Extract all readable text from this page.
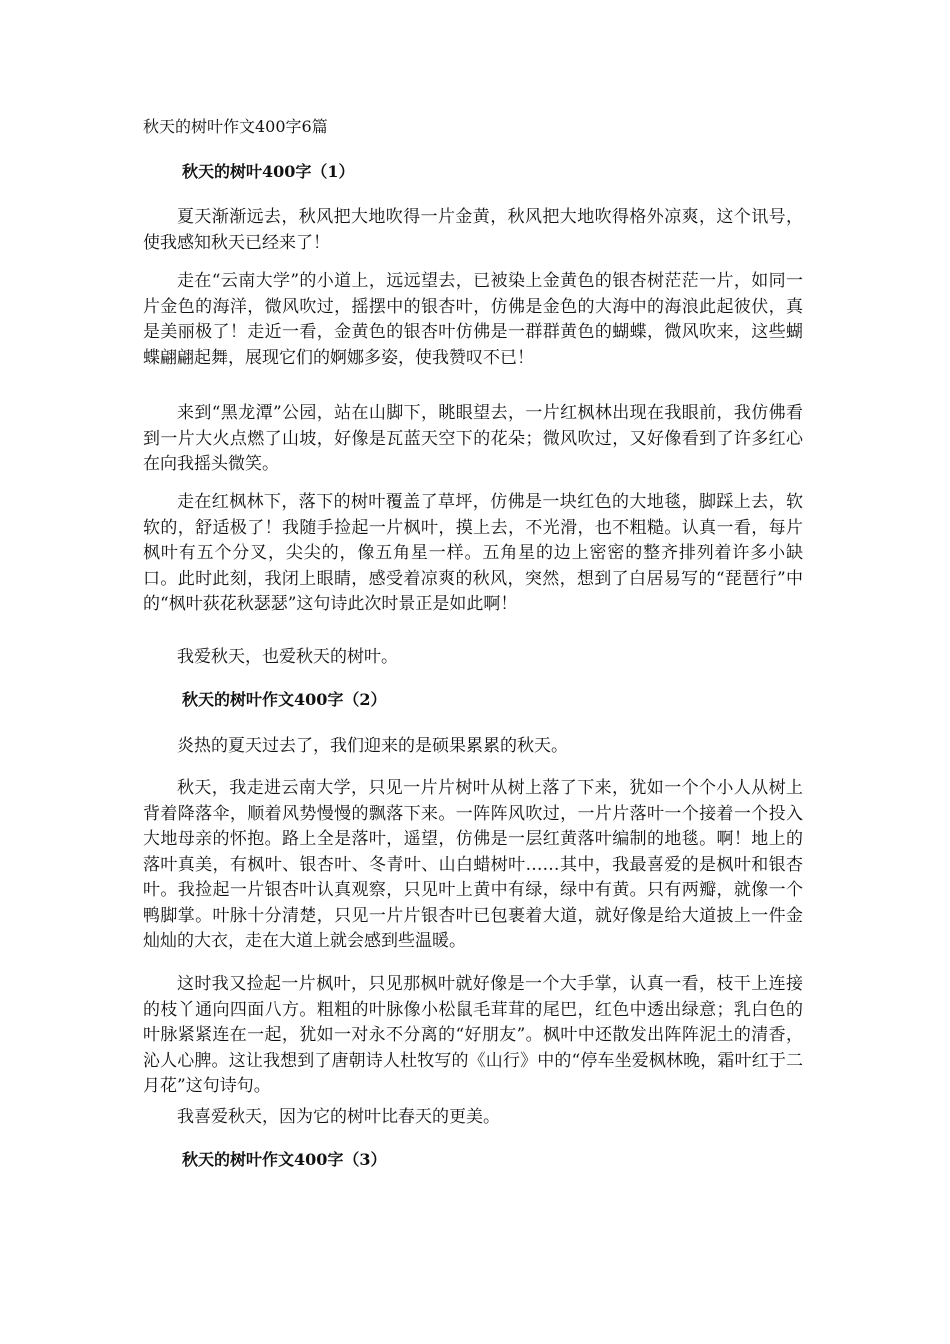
秋天的树叶作文400字6篇
秋天的树叶400字（1）

夏天渐渐远去，秋风把大地吹得一片金黄，秋风把大地吹得格外凉爽，这个讯号，使我感知秋天已经来了！

走在“云南大学”的小道上，远远望去，已被染上金黄色的银杏树茫茫一片，如同一片金色的海洋，微风吹过，摇摆中的银杏叶，仿佛是金色的大海中的海浪此起彼伏，真是美丽极了！走近一看，金黄色的银杏叶仿佛是一群群黄色的蝴蝶，微风吹来，这些蝴蝶翩翩起舞，展现它们的婀娜多姿，使我赞叹不已！

来到“黑龙潭”公园，站在山脚下，眺眼望去，一片红枫林出现在我眼前，我仿佛看到一片大火点燃了山坡，好像是瓦蓝天空下的花朵；微风吹过，又好像看到了许多红心在向我摇头微笑。

走在红枫林下，落下的树叶覆盖了草坪，仿佛是一块红色的大地毯，脚踩上去，软软的，舒适极了！我随手捡起一片枫叶，摸上去，不光滑，也不粗糙。认真一看，每片枫叶有五个分叉，尖尖的，像五角星一样。五角星的边上密密的整齐排列着许多小缺口。此时此刻，我闭上眼睛，感受着凉爽的秋风，突然，想到了白居易写的“琵琶行”中的“枫叶荻花秋瑟瑟”这句诗此次时景正是如此啊！

我爱秋天，也爱秋天的树叶。

秋天的树叶作文400字（2）

炎热的夏天过去了，我们迎来的是硕果累累的秋天。

秋天，我走进云南大学，只见一片片树叶从树上落了下来，犹如一个个小人从树上背着降落伞，顺着风势慢慢的飘落下来。一阵阵风吹过，一片片落叶一个接着一个投入大地母亲的怀抱。路上全是落叶，遥望，仿佛是一层红黄落叶编制的地毯。啊！地上的落叶真美，有枫叶、银杏叶、冬青叶、山白蜡树叶……其中，我最喜爱的是枫叶和银杏叶。我捡起一片银杏叶认真观察，只见叶上黄中有绿，绿中有黄。只有两瓣，就像一个鸭脚掌。叶脉十分清楚，只见一片片银杏叶已包裹着大道，就好像是给大道披上一件金灿灿的大衣，走在大道上就会感到些温暖。

这时我又捡起一片枫叶，只见那枫叶就好像是一个大手掌，认真一看，枝干上连接的枝丫通向四面八方。粗粗的叶脉像小松鼠毛茸茸的尾巴，红色中透出绿意；乳白色的叶脉紧紧连在一起，犹如一对永不分离的“好朋友”。枫叶中还散发出阵阵泥土的清香，沁人心脾。这让我想到了唐朝诗人杜牧写的《山行》中的“停车坐爱枫林晚，霜叶红于二月花”这句诗句。

我喜爱秋天，因为它的树叶比春天的更美。

秋天的树叶作文400字（3）
